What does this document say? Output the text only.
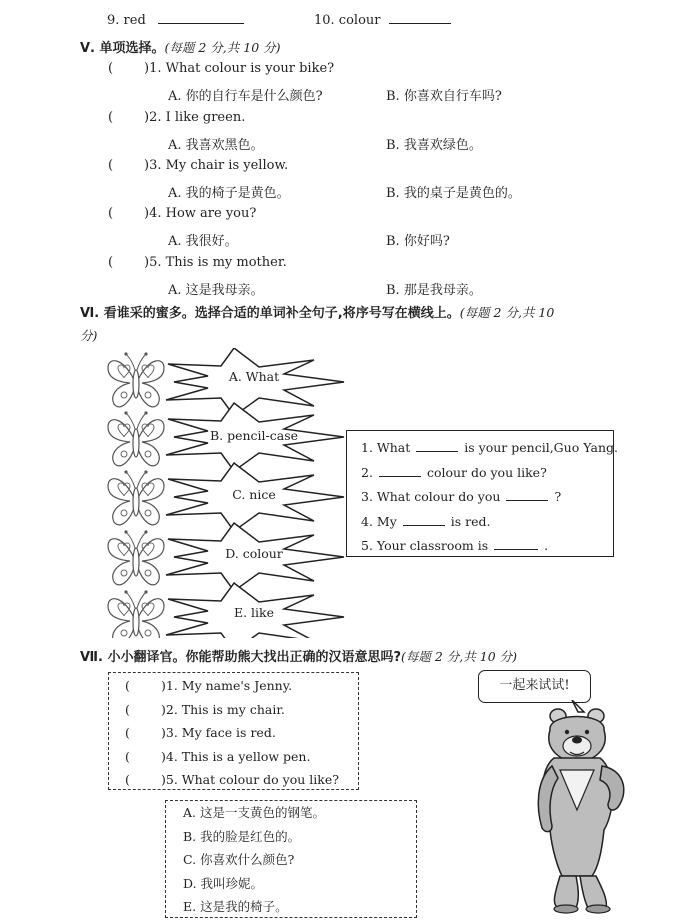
9. red	10. colour
Ⅴ. 单项选择。(每题 2 分,共 10 分)
( )1. What colour is your bike?
A. 你的自行车是什么颜色?	B. 你喜欢自行车吗?
( )2. I like green.
A. 我喜欢黑色。	B. 我喜欢绿色。
( )3. My chair is yellow.
A. 我的椅子是黄色。	B. 我的桌子是黄色的。
( )4. How are you?
A. 我很好。	B. 你好吗?
( )5. This is my mother.
A. 这是我母亲。	B. 那是我母亲。
Ⅵ. 看谁采的蜜多。选择合适的单词补全句子,将序号写在横线上。(每题 2 分,共 10
分)
A. What
B. pencil-case
C. nice
D. colour
E. like
1. What	is your pencil,Guo Yang.
2.	colour do you like?
3. What colour do you	?
4. My	is red.
5. Your classroom is	.
Ⅶ. 小小翻译官。你能帮助熊大找出正确的汉语意思吗?(每题 2 分,共 10 分)
( )1. My name's Jenny.
( )2. This is my chair.
( )3. My face is red.
( )4. This is a yellow pen.
( )5. What colour do you like?
A. 这是一支黄色的钢笔。
B. 我的脸是红色的。
C. 你喜欢什么颜色?
D. 我叫珍妮。
E. 这是我的椅子。
一起来试试!
